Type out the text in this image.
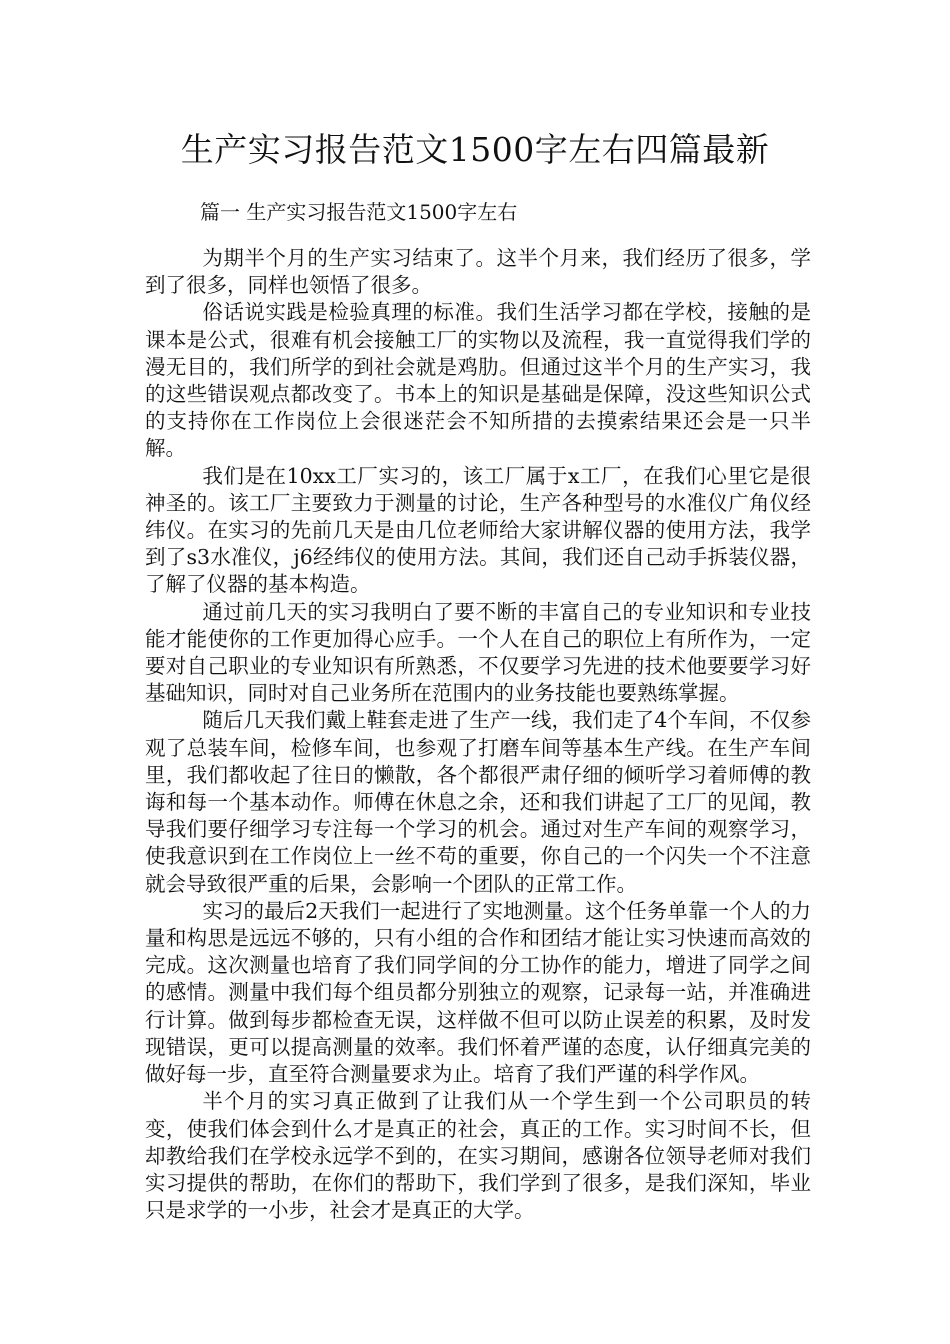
生产实习报告范文1500字左右四篇最新
篇一 生产实习报告范文1500字左右

为期半个月的生产实习结束了。这半个月来，我们经历了很多，学到了很多，同样也领悟了很多。

俗话说实践是检验真理的标准。我们生活学习都在学校，接触的是课本是公式，很难有机会接触工厂的实物以及流程，我一直觉得我们学的漫无目的，我们所学的到社会就是鸡肋。但通过这半个月的生产实习，我的这些错误观点都改变了。书本上的知识是基础是保障，没这些知识公式的支持你在工作岗位上会很迷茫会不知所措的去摸索结果还会是一只半解。

我们是在10xx工厂实习的，该工厂属于x工厂，在我们心里它是很神圣的。该工厂主要致力于测量的讨论，生产各种型号的水准仪广角仪经纬仪。在实习的先前几天是由几位老师给大家讲解仪器的使用方法，我学到了s3水准仪，j6经纬仪的使用方法。其间，我们还自己动手拆装仪器，了解了仪器的基本构造。

通过前几天的实习我明白了要不断的丰富自己的专业知识和专业技能才能使你的工作更加得心应手。一个人在自己的职位上有所作为，一定要对自己职业的专业知识有所熟悉，不仅要学习先进的技术他要要学习好基础知识，同时对自己业务所在范围内的业务技能也要熟练掌握。

随后几天我们戴上鞋套走进了生产一线，我们走了4个车间，不仅参观了总装车间，检修车间，也参观了打磨车间等基本生产线。在生产车间里，我们都收起了往日的懒散，各个都很严肃仔细的倾听学习着师傅的教诲和每一个基本动作。师傅在休息之余，还和我们讲起了工厂的见闻，教导我们要仔细学习专注每一个学习的机会。通过对生产车间的观察学习，使我意识到在工作岗位上一丝不苟的重要，你自己的一个闪失一个不注意就会导致很严重的后果，会影响一个团队的正常工作。

实习的最后2天我们一起进行了实地测量。这个任务单靠一个人的力量和构思是远远不够的，只有小组的合作和团结才能让实习快速而高效的完成。这次测量也培育了我们同学间的分工协作的能力，增进了同学之间的感情。测量中我们每个组员都分别独立的观察，记录每一站，并准确进行计算。做到每步都检查无误，这样做不但可以防止误差的积累，及时发现错误，更可以提高测量的效率。我们怀着严谨的态度，认仔细真完美的做好每一步，直至符合测量要求为止。培育了我们严谨的科学作风。

半个月的实习真正做到了让我们从一个学生到一个公司职员的转变，使我们体会到什么才是真正的社会，真正的工作。实习时间不长，但却教给我们在学校永远学不到的，在实习期间，感谢各位领导老师对我们实习提供的帮助，在你们的帮助下，我们学到了很多，是我们深知，毕业只是求学的一小步，社会才是真正的大学。
